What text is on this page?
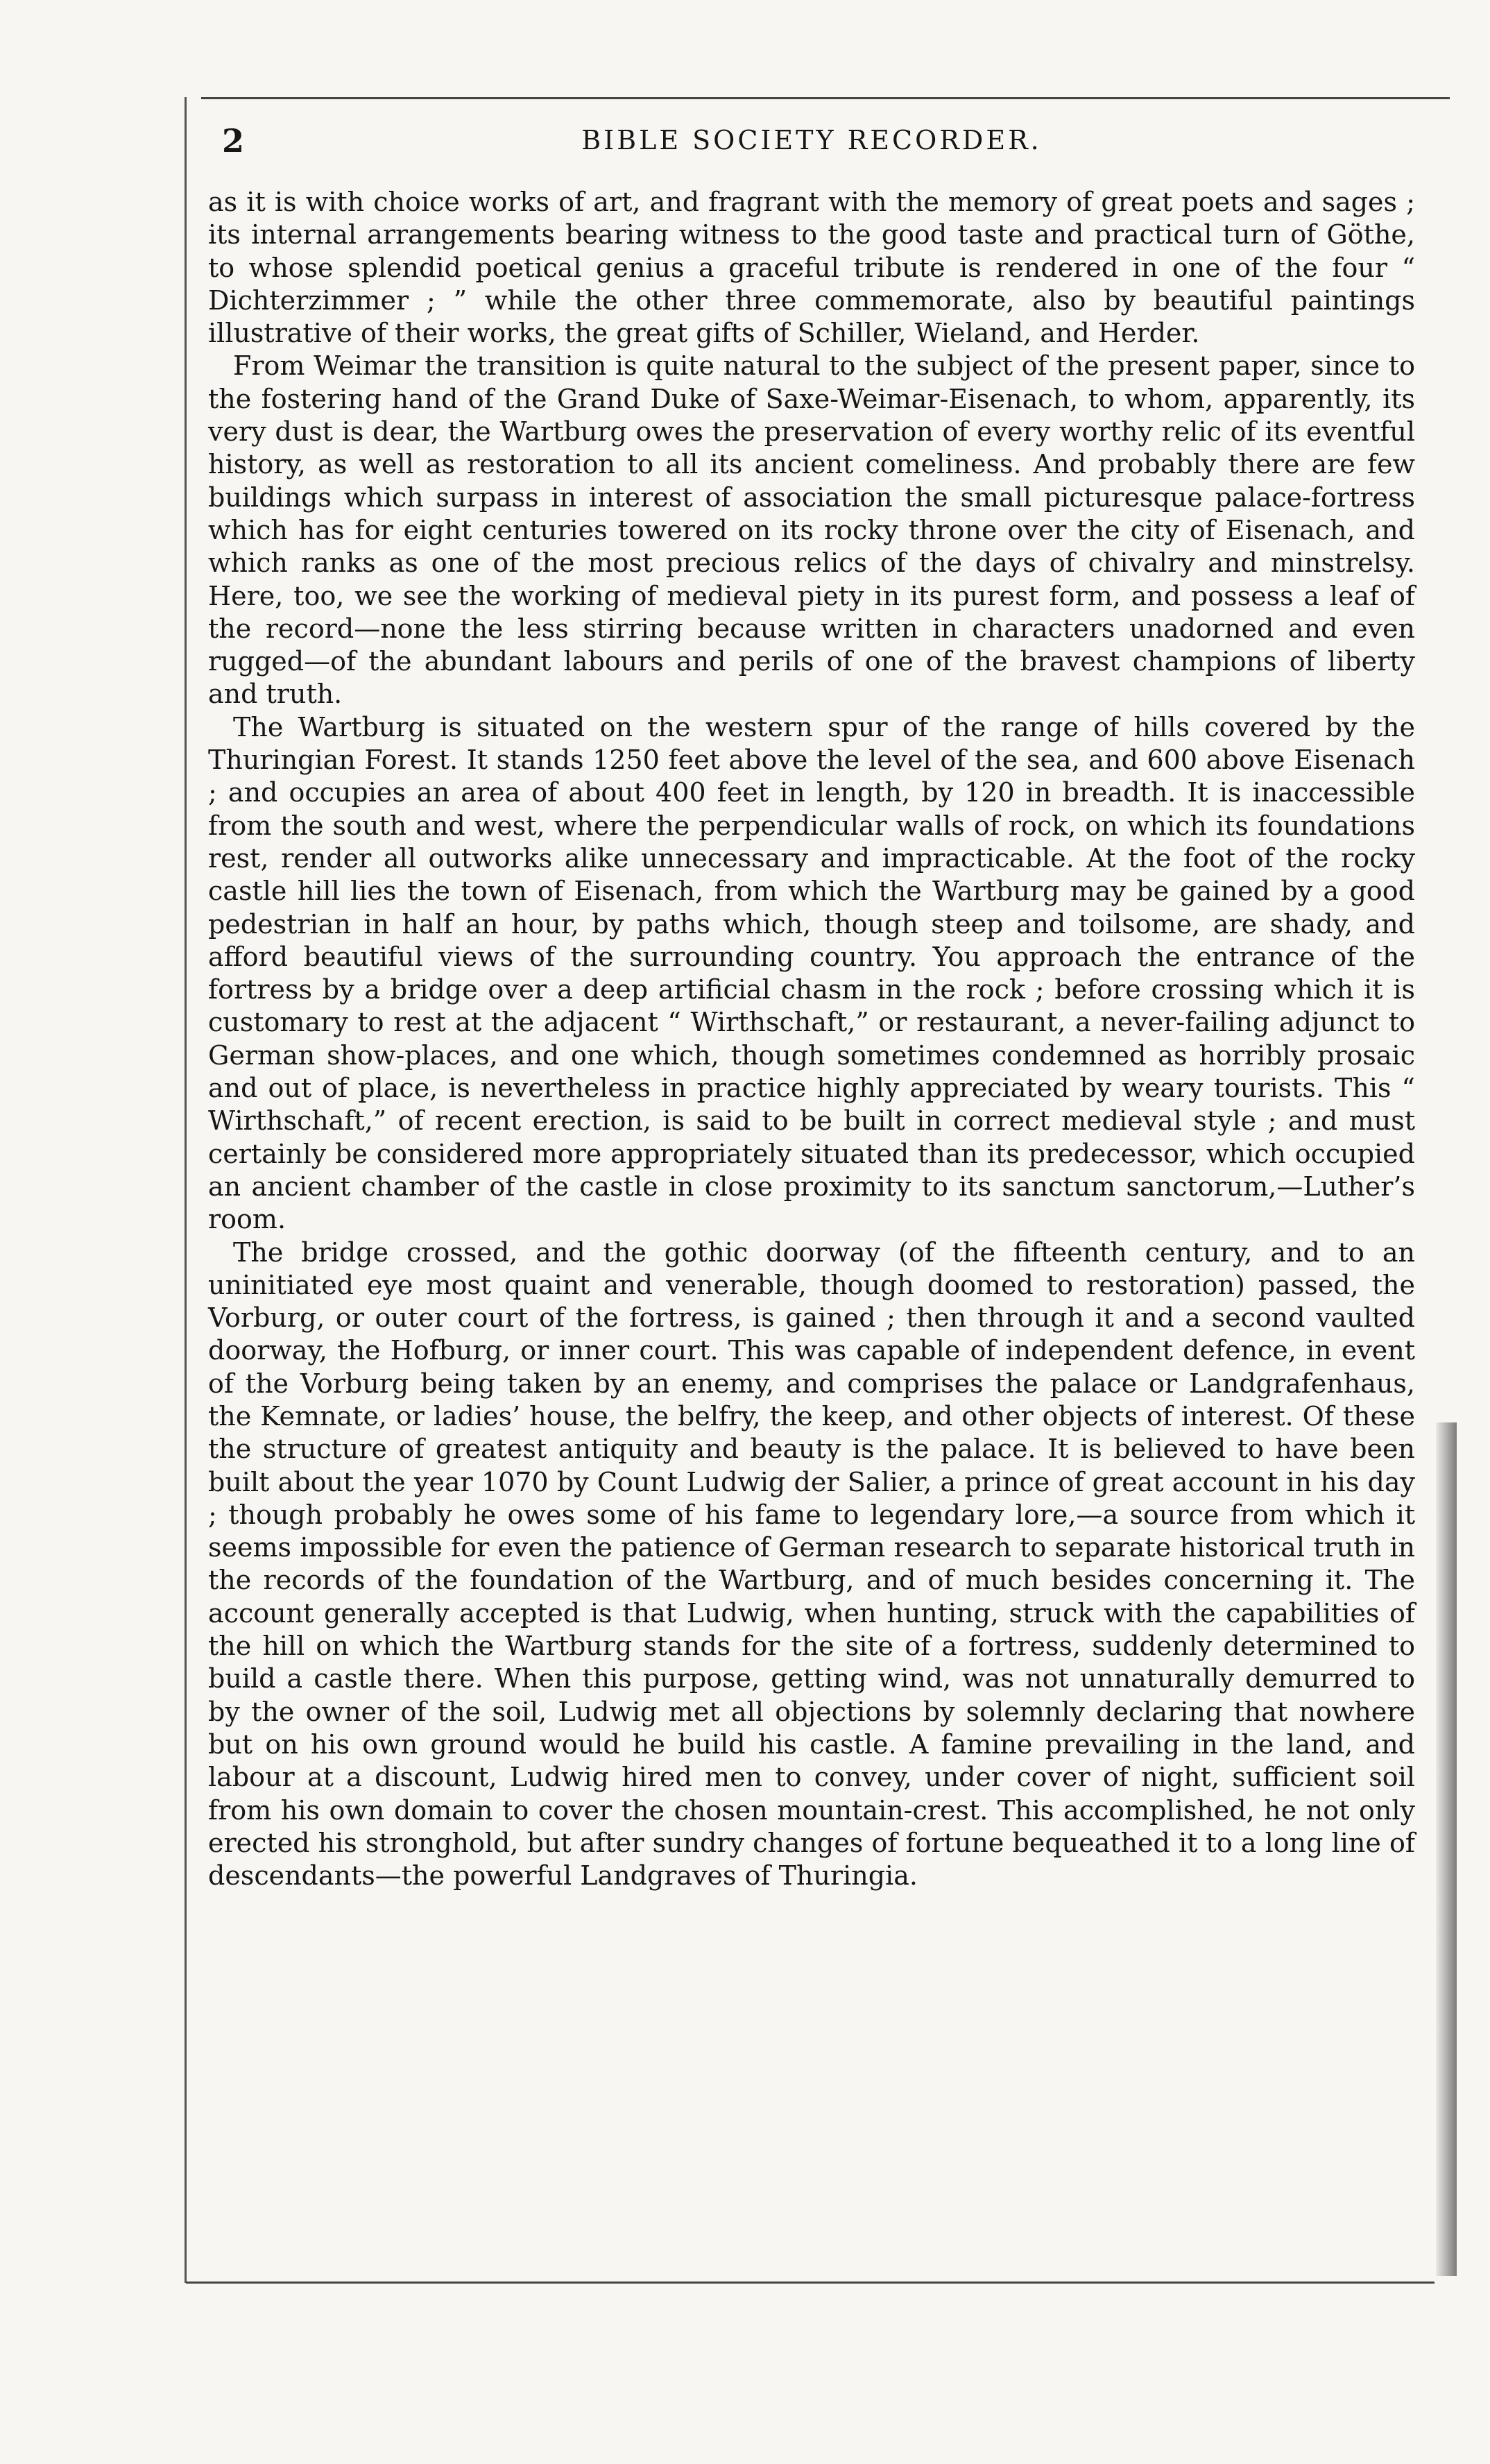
2	BIBLE SOCIETY RECORDER.

as it is with choice works of art, and fragrant with the memory of great poets and sages ; its internal arrangements bearing witness to the good taste and practical turn of Göthe, to whose splendid poetical genius a graceful tribute is rendered in one of the four “ Dichterzimmer ; ” while the other three commemorate, also by beautiful paintings illustrative of their works, the great gifts of Schiller, Wieland, and Herder.

From Weimar the transition is quite natural to the subject of the present paper, since to the fostering hand of the Grand Duke of Saxe-Weimar-Eisenach, to whom, apparently, its very dust is dear, the Wartburg owes the preservation of every worthy relic of its eventful history, as well as restoration to all its ancient comeliness. And probably there are few buildings which surpass in interest of association the small picturesque palace-fortress which has for eight centuries towered on its rocky throne over the city of Eisenach, and which ranks as one of the most precious relics of the days of chivalry and minstrelsy. Here, too, we see the working of medieval piety in its purest form, and possess a leaf of the record—none the less stirring because written in characters unadorned and even rugged—of the abundant labours and perils of one of the bravest champions of liberty and truth.

The Wartburg is situated on the western spur of the range of hills covered by the Thuringian Forest. It stands 1250 feet above the level of the sea, and 600 above Eisenach ; and occupies an area of about 400 feet in length, by 120 in breadth. It is inaccessible from the south and west, where the perpendicular walls of rock, on which its foundations rest, render all outworks alike unnecessary and impracticable. At the foot of the rocky castle hill lies the town of Eisenach, from which the Wartburg may be gained by a good pedestrian in half an hour, by paths which, though steep and toilsome, are shady, and afford beautiful views of the surrounding country. You approach the entrance of the fortress by a bridge over a deep artificial chasm in the rock ; before crossing which it is customary to rest at the adjacent “ Wirthschaft,” or restaurant, a never-failing adjunct to German show-places, and one which, though sometimes condemned as horribly prosaic and out of place, is nevertheless in practice highly appreciated by weary tourists. This “ Wirthschaft,” of recent erection, is said to be built in correct medieval style ; and must certainly be considered more appropriately situated than its predecessor, which occupied an ancient chamber of the castle in close proximity to its sanctum sanctorum,—Luther’s room.

The bridge crossed, and the gothic doorway (of the fifteenth century, and to an uninitiated eye most quaint and venerable, though doomed to restoration) passed, the Vorburg, or outer court of the fortress, is gained ; then through it and a second vaulted doorway, the Hofburg, or inner court. This was capable of independent defence, in event of the Vorburg being taken by an enemy, and comprises the palace or Landgrafenhaus, the Kemnate, or ladies’ house, the belfry, the keep, and other objects of interest. Of these the structure of greatest antiquity and beauty is the palace. It is believed to have been built about the year 1070 by Count Ludwig der Salier, a prince of great account in his day ; though probably he owes some of his fame to legendary lore,—a source from which it seems impossible for even the patience of German research to separate historical truth in the records of the foundation of the Wartburg, and of much besides concerning it. The account generally accepted is that Ludwig, when hunting, struck with the capabilities of the hill on which the Wartburg stands for the site of a fortress, suddenly determined to build a castle there. When this purpose, getting wind, was not unnaturally demurred to by the owner of the soil, Ludwig met all objections by solemnly declaring that nowhere but on his own ground would he build his castle. A famine prevailing in the land, and labour at a discount, Ludwig hired men to convey, under cover of night, sufficient soil from his own domain to cover the chosen mountain-crest. This accomplished, he not only erected his stronghold, but after sundry changes of fortune bequeathed it to a long line of descendants—the powerful Landgraves of Thuringia.
